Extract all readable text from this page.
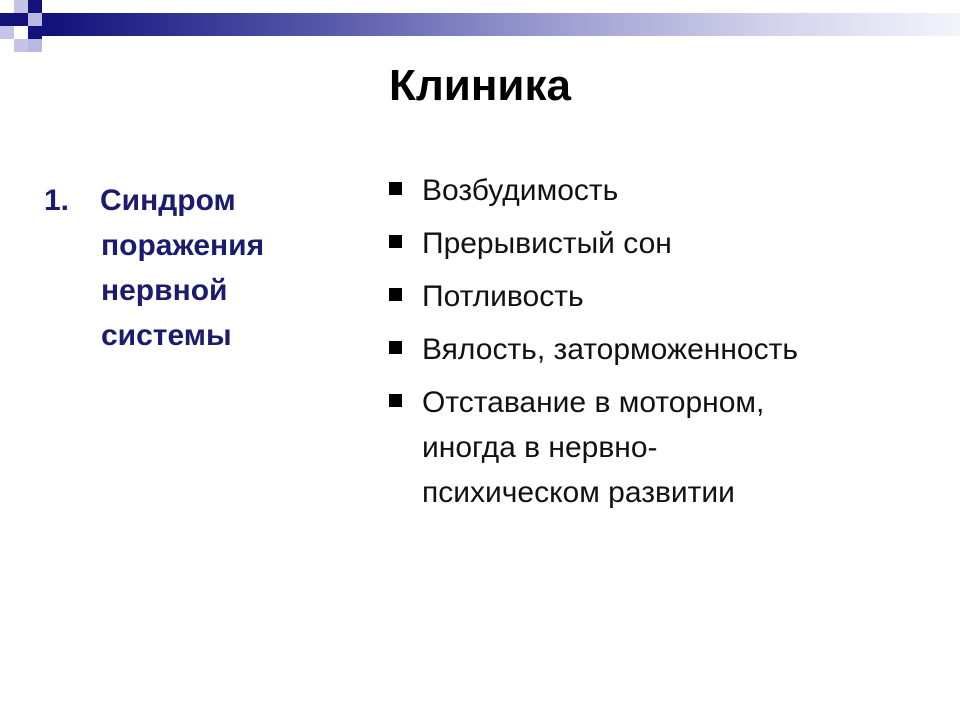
Клиника
1. Синдром
поражения
нервной
системы
Возбудимость
Прерывистый сон
Потливость
Вялость, заторможенность
Отставание в моторном,
иногда в нервно-
психическом развитии
